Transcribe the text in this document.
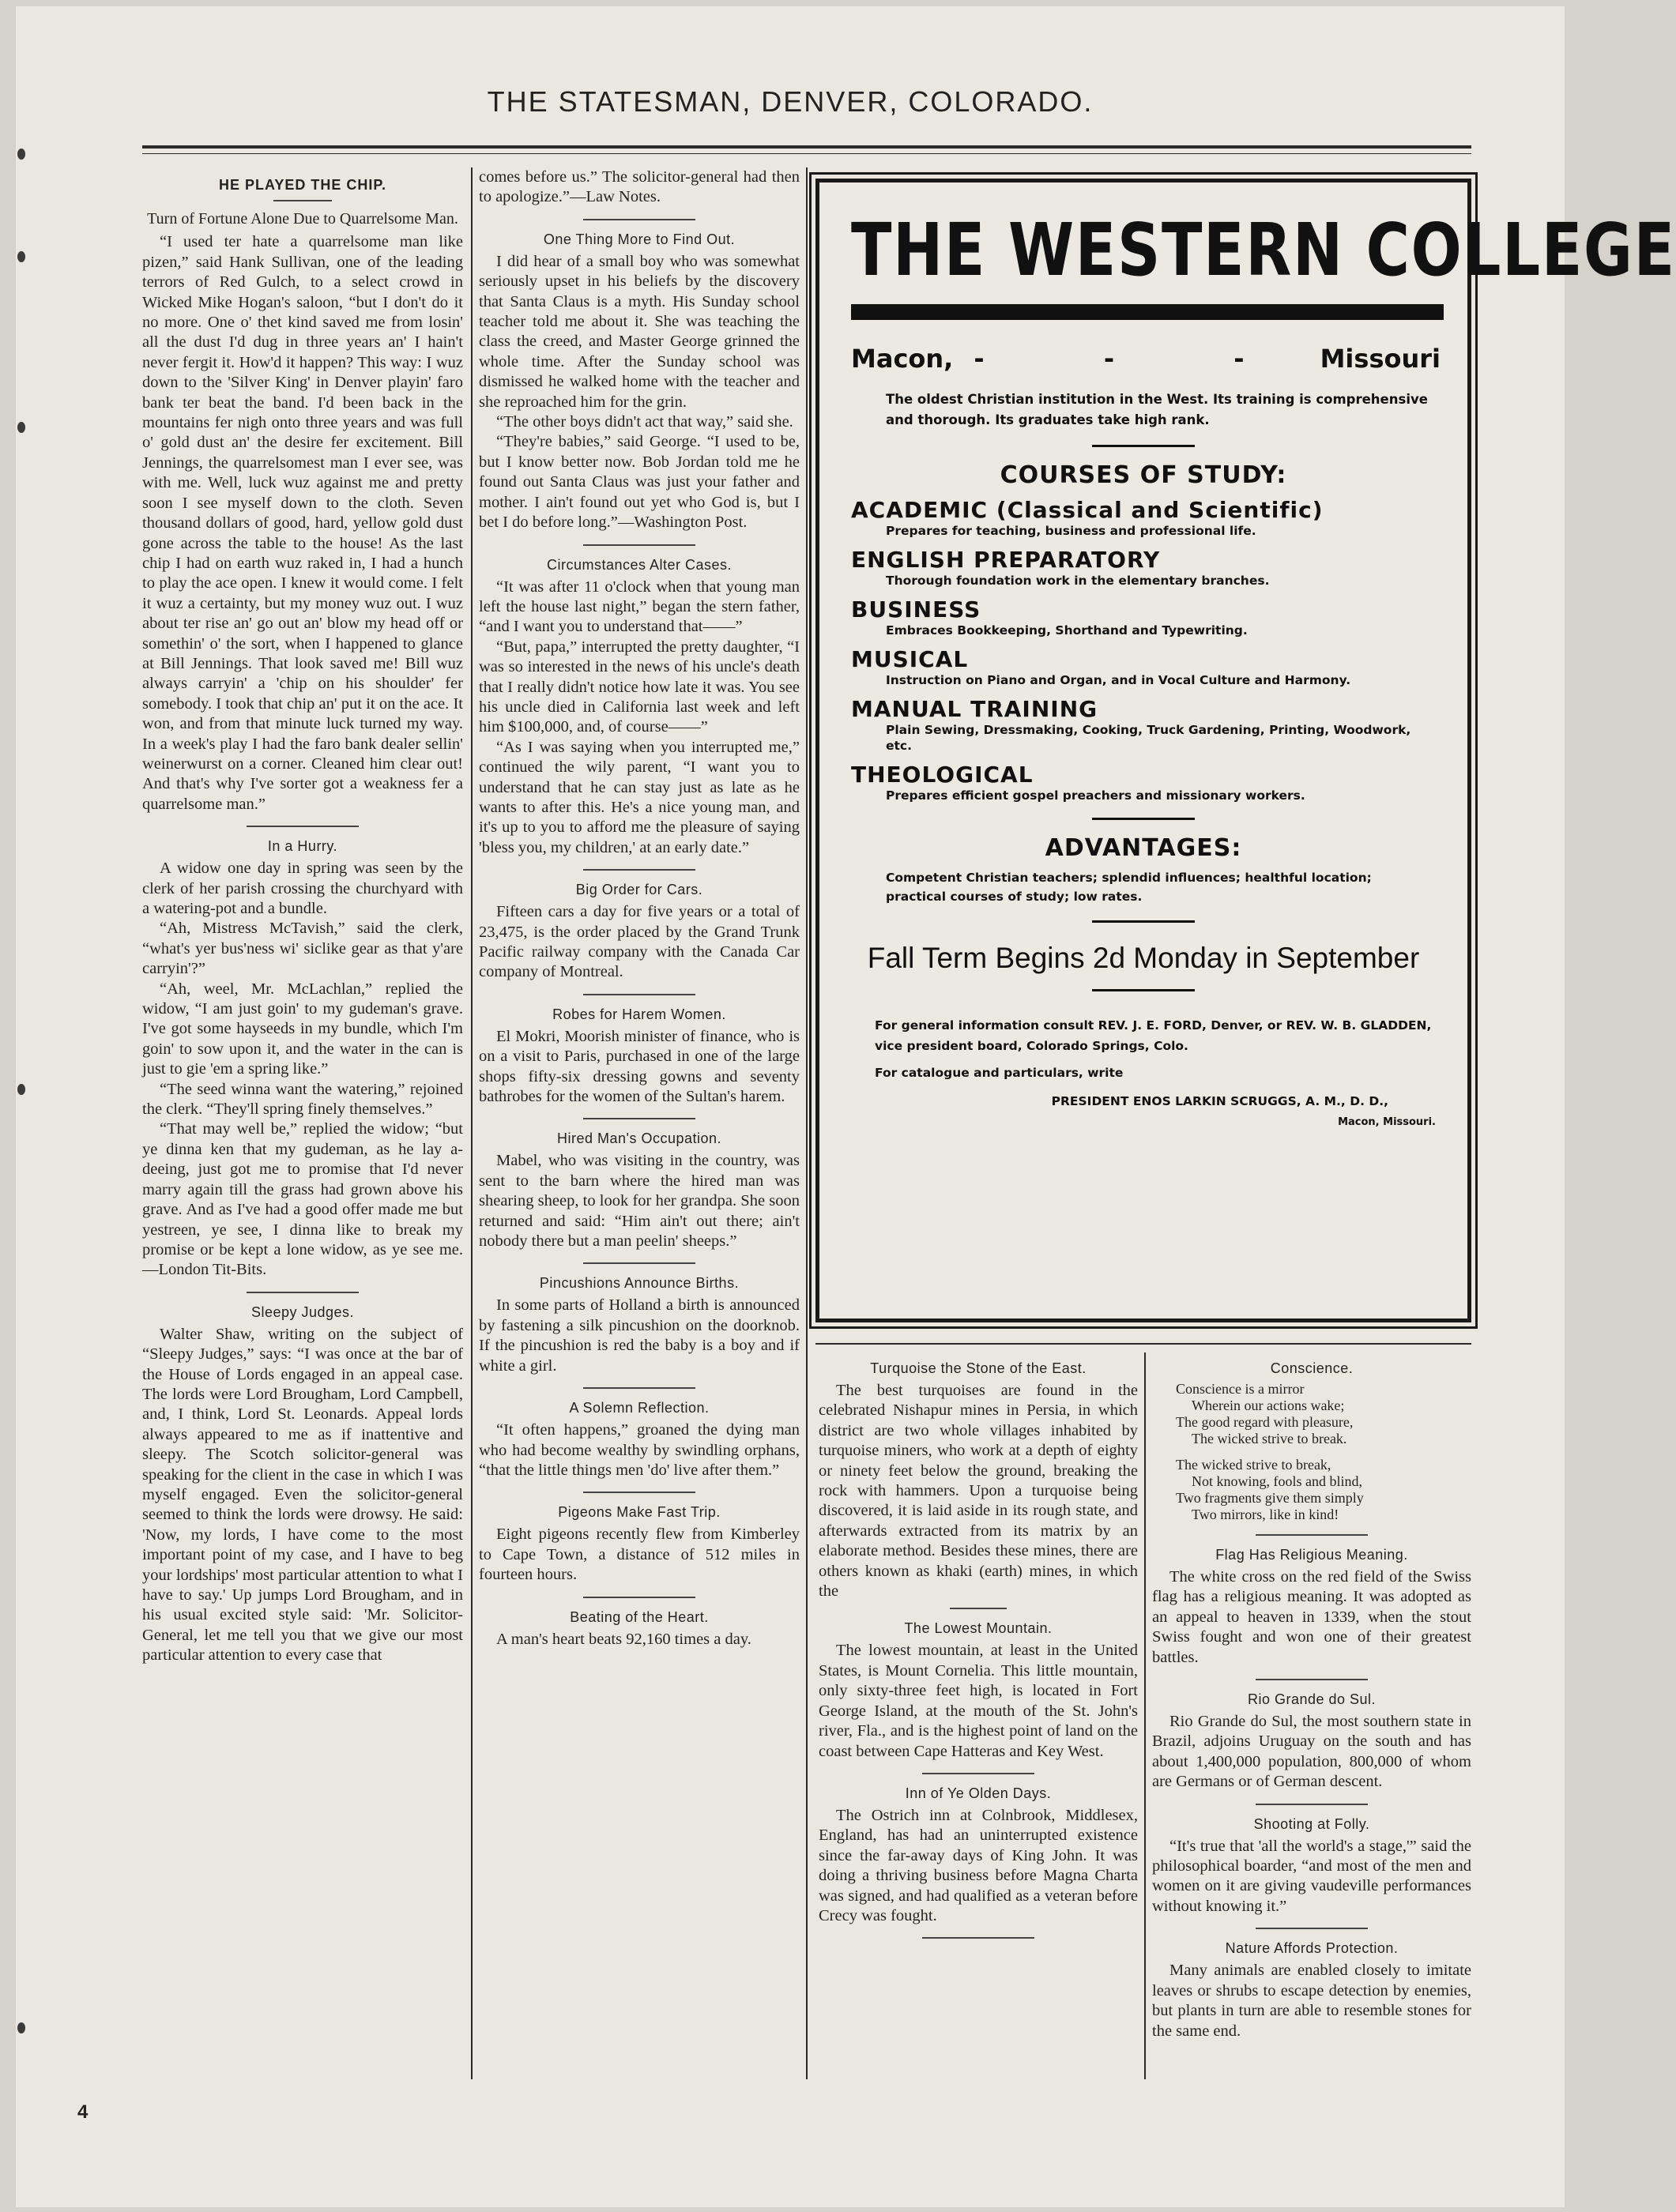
THE STATESMAN, DENVER, COLORADO.
HE PLAYED THE CHIP.
Turn of Fortune Alone Due to Quarrelsome Man.

“I used ter hate a quarrelsome man like pizen,” said Hank Sullivan, one of the leading terrors of Red Gulch, to a select crowd in Wicked Mike Hogan's saloon, “but I don't do it no more. One o' thet kind saved me from losin' all the dust I'd dug in three years an' I hain't never fergit it. How'd it happen? This way: I wuz down to the 'Silver King' in Denver playin' faro bank ter beat the band. I'd been back in the mountains fer nigh onto three years and was full o' gold dust an' the desire fer excitement. Bill Jennings, the quarrelsomest man I ever see, was with me. Well, luck wuz against me and pretty soon I see myself down to the cloth. Seven thousand dollars of good, hard, yellow gold dust gone across the table to the house! As the last chip I had on earth wuz raked in, I had a hunch to play the ace open. I knew it would come. I felt it wuz a certainty, but my money wuz out. I wuz about ter rise an' go out an' blow my head off or somethin' o' the sort, when I happened to glance at Bill Jennings. That look saved me! Bill wuz always carryin' a 'chip on his shoulder' fer somebody. I took that chip an' put it on the ace. It won, and from that minute luck turned my way. In a week's play I had the faro bank dealer sellin' weinerwurst on a corner. Cleaned him clear out! And that's why I've sorter got a weakness fer a quarrelsome man.”

In a Hurry.

A widow one day in spring was seen by the clerk of her parish crossing the churchyard with a watering-pot and a bundle.

“Ah, Mistress McTavish,” said the clerk, “what's yer bus'ness wi' siclike gear as that y'are carryin'?”

“Ah, weel, Mr. McLachlan,” replied the widow, “I am just goin' to my gudeman's grave. I've got some hayseeds in my bundle, which I'm goin' to sow upon it, and the water in the can is just to gie 'em a spring like.”

“The seed winna want the watering,” rejoined the clerk. “They'll spring finely themselves.”

“That may well be,” replied the widow; “but ye dinna ken that my gudeman, as he lay a-deeing, just got me to promise that I'd never marry again till the grass had grown above his grave. And as I've had a good offer made me but yestreen, ye see, I dinna like to break my promise or be kept a lone widow, as ye see me.—London Tit-Bits.

Sleepy Judges.

Walter Shaw, writing on the subject of “Sleepy Judges,” says: “I was once at the bar of the House of Lords engaged in an appeal case. The lords were Lord Brougham, Lord Campbell, and, I think, Lord St. Leonards. Appeal lords always appeared to me as if inattentive and sleepy. The Scotch solicitor-general was speaking for the client in the case in which I was myself engaged. Even the solicitor-general seemed to think the lords were drowsy. He said: 'Now, my lords, I have come to the most important point of my case, and I have to beg your lordships' most particular attention to what I have to say.' Up jumps Lord Brougham, and in his usual excited style said: 'Mr. Solicitor-General, let me tell you that we give our most particular attention to every case that

comes before us.” The solicitor-general had then to apologize.”—Law Notes.

One Thing More to Find Out.

I did hear of a small boy who was somewhat seriously upset in his beliefs by the discovery that Santa Claus is a myth. His Sunday school teacher told me about it. She was teaching the class the creed, and Master George grinned the whole time. After the Sunday school was dismissed he walked home with the teacher and she reproached him for the grin.

“The other boys didn't act that way,” said she.

“They're babies,” said George. “I used to be, but I know better now. Bob Jordan told me he found out Santa Claus was just your father and mother. I ain't found out yet who God is, but I bet I do before long.”—Washington Post.

Circumstances Alter Cases.

“It was after 11 o'clock when that young man left the house last night,” began the stern father, “and I want you to understand that——”

“But, papa,” interrupted the pretty daughter, “I was so interested in the news of his uncle's death that I really didn't notice how late it was. You see his uncle died in California last week and left him $100,000, and, of course——”

“As I was saying when you interrupted me,” continued the wily parent, “I want you to understand that he can stay just as late as he wants to after this. He's a nice young man, and it's up to you to afford me the pleasure of saying 'bless you, my children,' at an early date.”

Big Order for Cars.

Fifteen cars a day for five years or a total of 23,475, is the order placed by the Grand Trunk Pacific railway company with the Canada Car company of Montreal.

Robes for Harem Women.

El Mokri, Moorish minister of finance, who is on a visit to Paris, purchased in one of the large shops fifty-six dressing gowns and seventy bathrobes for the women of the Sultan's harem.

Hired Man's Occupation.

Mabel, who was visiting in the country, was sent to the barn where the hired man was shearing sheep, to look for her grandpa. She soon returned and said: “Him ain't out there; ain't nobody there but a man peelin' sheeps.”

Pincushions Announce Births.

In some parts of Holland a birth is announced by fastening a silk pincushion on the doorknob. If the pincushion is red the baby is a boy and if white a girl.

A Solemn Reflection.

“It often happens,” groaned the dying man who had become wealthy by swindling orphans, “that the little things men 'do' live after them.”

Pigeons Make Fast Trip.

Eight pigeons recently flew from Kimberley to Cape Town, a distance of 512 miles in fourteen hours.

Beating of the Heart.

A man's heart beats 92,160 times a day.

THE WESTERN COLLEGE
Macon, - - - Missouri
The oldest Christian institution in the West. Its training is comprehensive and thorough. Its graduates take high rank.
COURSES OF STUDY:
ACADEMIC (Classical and Scientific)
Prepares for teaching, business and professional life.
ENGLISH PREPARATORY
Thorough foundation work in the elementary branches.
BUSINESS
Embraces Bookkeeping, Shorthand and Typewriting.
MUSICAL
Instruction on Piano and Organ, and in Vocal Culture and Harmony.
MANUAL TRAINING
Plain Sewing, Dressmaking, Cooking, Truck Gardening, Printing, Woodwork, etc.
THEOLOGICAL
Prepares efficient gospel preachers and missionary workers.
ADVANTAGES:
Competent Christian teachers; splendid influences; healthful location; practical courses of study; low rates.
Fall Term Begins 2d Monday in September
For general information consult REV. J. E. FORD, Denver, or REV. W. B. GLADDEN, vice president board, Colorado Springs, Colo.
For catalogue and particulars, write
PRESIDENT ENOS LARKIN SCRUGGS, A. M., D. D.,
Macon, Missouri.
Turquoise the Stone of the East.

The best turquoises are found in the celebrated Nishapur mines in Persia, in which district are two whole villages inhabited by turquoise miners, who work at a depth of eighty or ninety feet below the ground, breaking the rock with hammers. Upon a turquoise being discovered, it is laid aside in its rough state, and afterwards extracted from its matrix by an elaborate method. Besides these mines, there are others known as khaki (earth) mines, in which the

The Lowest Mountain.

The lowest mountain, at least in the United States, is Mount Cornelia. This little mountain, only sixty-three feet high, is located in Fort George Island, at the mouth of the St. John's river, Fla., and is the highest point of land on the coast between Cape Hatteras and Key West.

Inn of Ye Olden Days.

The Ostrich inn at Colnbrook, Middlesex, England, has had an uninterrupted existence since the far-away days of King John. It was doing a thriving business before Magna Charta was signed, and had qualified as a veteran before Crecy was fought.

Conscience.
Conscience is a mirror
Wherein our actions wake;
The good regard with pleasure,
The wicked strive to break.
The wicked strive to break,
Not knowing, fools and blind,
Two fragments give them simply
Two mirrors, like in kind!
Flag Has Religious Meaning.

The white cross on the red field of the Swiss flag has a religious meaning. It was adopted as an appeal to heaven in 1339, when the stout Swiss fought and won one of their greatest battles.

Rio Grande do Sul.

Rio Grande do Sul, the most southern state in Brazil, adjoins Uruguay on the south and has about 1,400,000 population, 800,000 of whom are Germans or of German descent.

Shooting at Folly.

“It's true that 'all the world's a stage,'” said the philosophical boarder, “and most of the men and women on it are giving vaudeville performances without knowing it.”

Nature Affords Protection.

Many animals are enabled closely to imitate leaves or shrubs to escape detection by enemies, but plants in turn are able to resemble stones for the same end.

4
